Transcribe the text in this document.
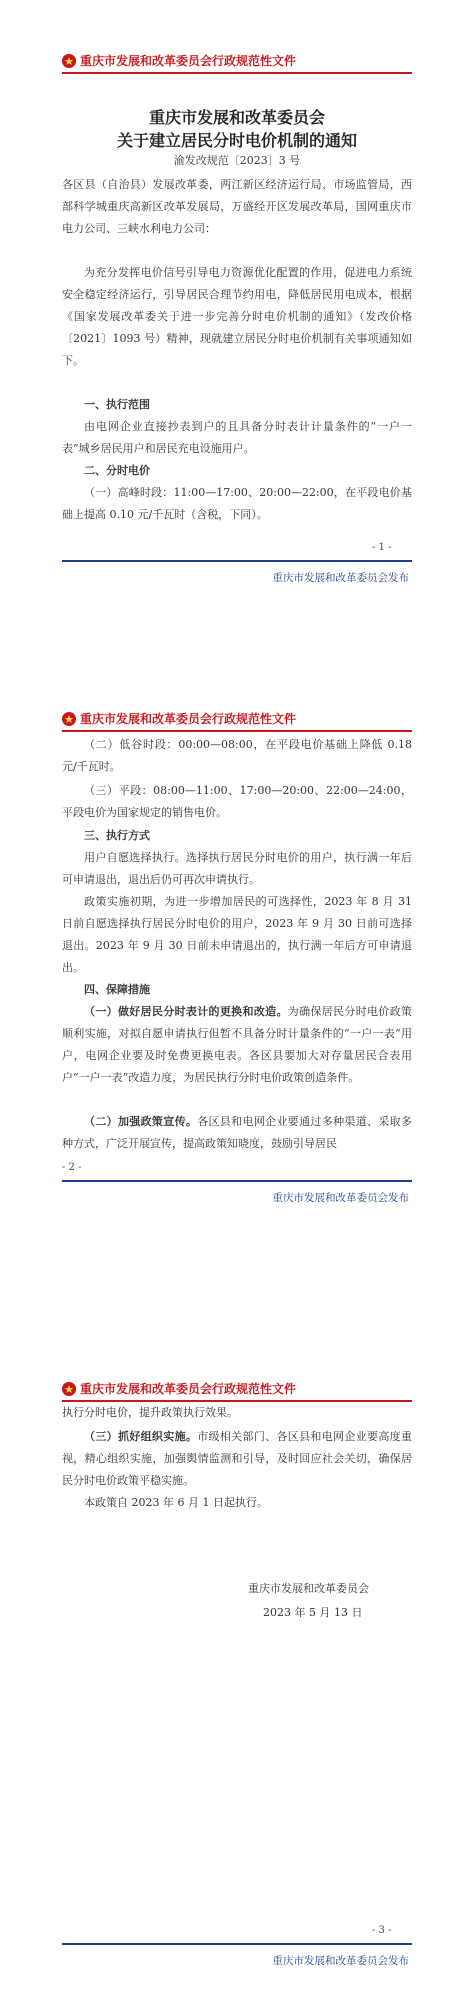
重庆市发展和改革委员会行政规范性文件
重庆市发展和改革委员会
关于建立居民分时电价机制的通知
渝发改规范〔2023〕3 号
各区县（自治县）发展改革委，两江新区经济运行局、市场监管局，西部科学城重庆高新区改革发展局，万盛经开区发展改革局，国网重庆市电力公司、三峡水利电力公司：
为充分发挥电价信号引导电力资源优化配置的作用，促进电力系统安全稳定经济运行，引导居民合理节约用电，降低居民用电成本，根据《国家发展改革委关于进一步完善分时电价机制的通知》（发改价格〔2021〕1093 号）精神，现就建立居民分时电价机制有关事项通知如下。
一、执行范围
由电网企业直接抄表到户的且具备分时表计计量条件的“一户一表”城乡居民用户和居民充电设施用户。
二、分时电价
（一）高峰时段：11:00—17:00、20:00—22:00，在平段电价基础上提高 0.10 元/千瓦时（含税，下同）。
- 1 -
重庆市发展和改革委员会发布
重庆市发展和改革委员会行政规范性文件
（二）低谷时段：00:00—08:00，在平段电价基础上降低 0.18 元/千瓦时。
（三）平段：08:00—11:00、17:00—20:00、22:00—24:00，平段电价为国家规定的销售电价。
三、执行方式
用户自愿选择执行。选择执行居民分时电价的用户，执行满一年后可申请退出，退出后仍可再次申请执行。
政策实施初期，为进一步增加居民的可选择性，2023 年 8 月 31 日前自愿选择执行居民分时电价的用户，2023 年 9 月 30 日前可选择退出。2023 年 9 月 30 日前未申请退出的，执行满一年后方可申请退出。
四、保障措施
（一）做好居民分时表计的更换和改造。为确保居民分时电价政策顺利实施，对拟自愿申请执行但暂不具备分时计量条件的“一户一表”用户，电网企业要及时免费更换电表。各区县要加大对存量居民合表用户“一户一表”改造力度，为居民执行分时电价政策创造条件。
（二）加强政策宣传。各区县和电网企业要通过多种渠道、采取多种方式，广泛开展宣传，提高政策知晓度，鼓励引导居民
- 2 -
重庆市发展和改革委员会发布
重庆市发展和改革委员会行政规范性文件
执行分时电价，提升政策执行效果。
（三）抓好组织实施。市级相关部门、各区县和电网企业要高度重视，精心组织实施，加强舆情监测和引导，及时回应社会关切，确保居民分时电价政策平稳实施。
本政策自 2023 年 6 月 1 日起执行。
重庆市发展和改革委员会
2023 年 5 月 13 日
- 3 -
重庆市发展和改革委员会发布
